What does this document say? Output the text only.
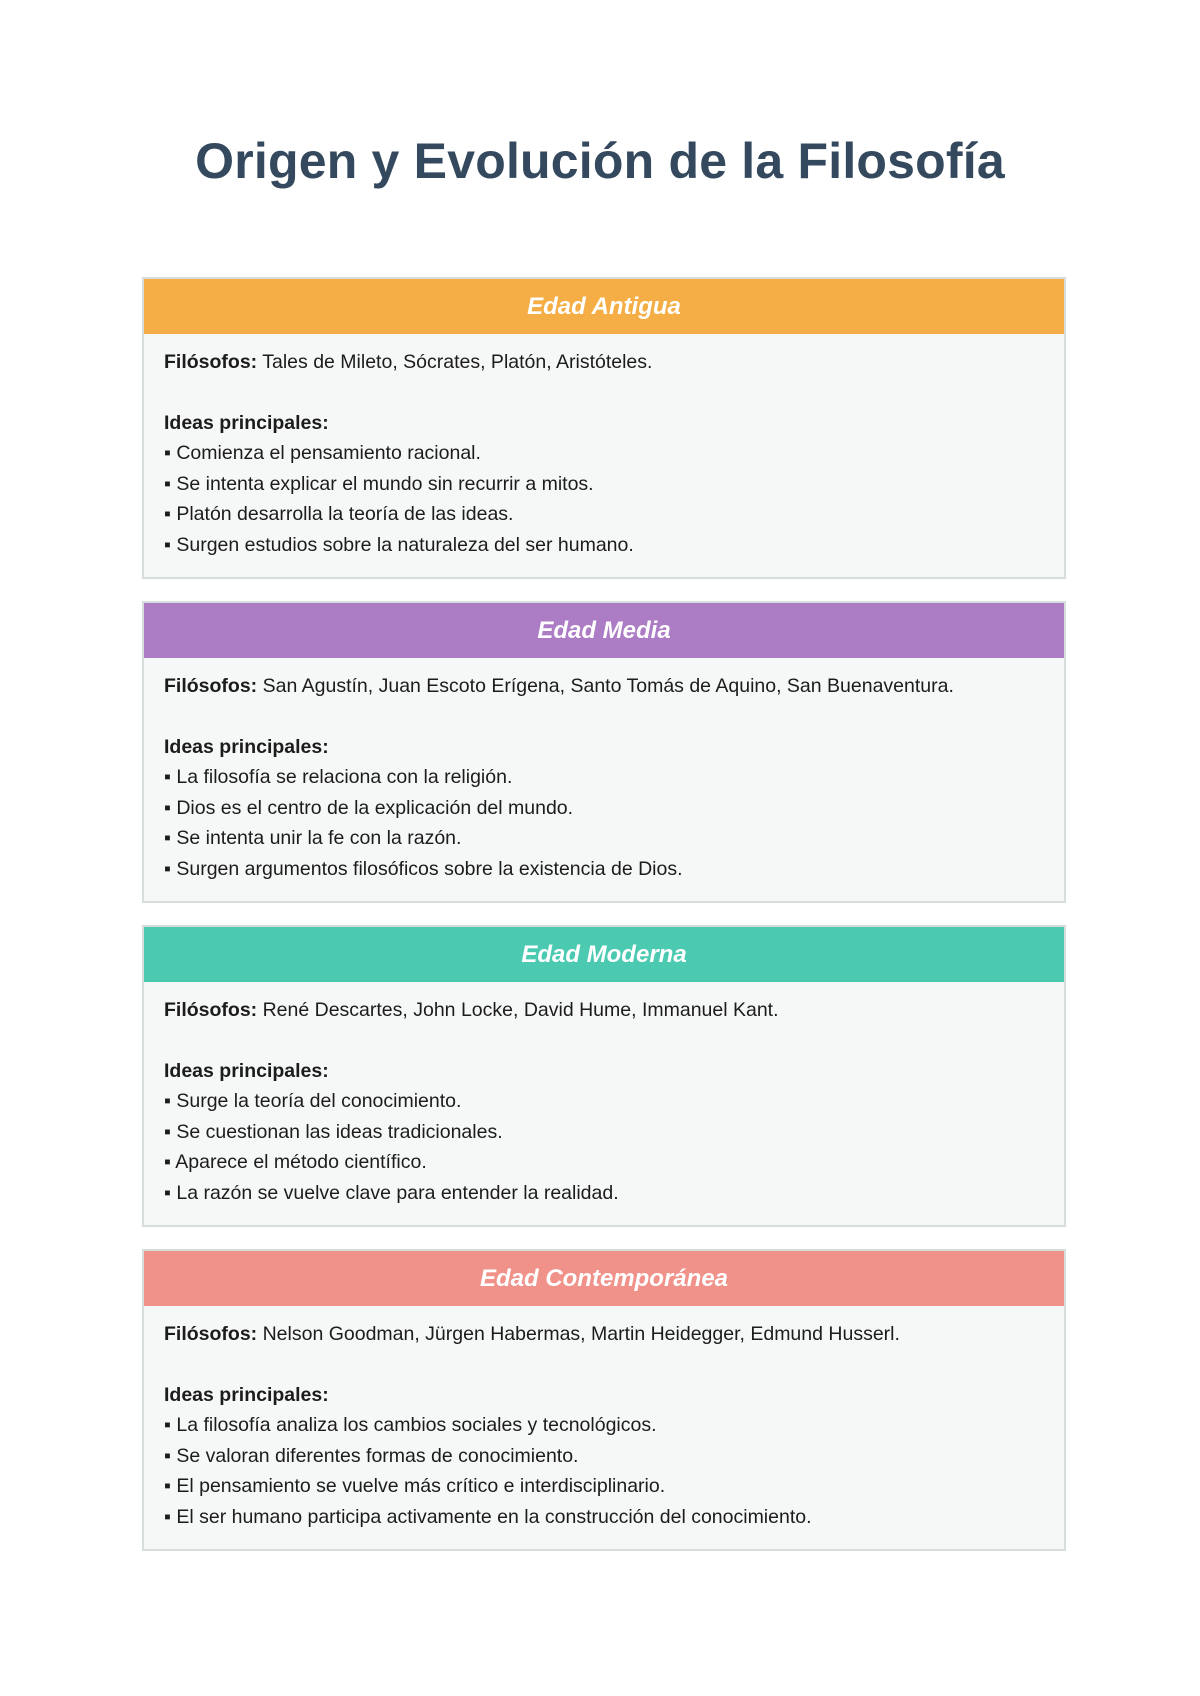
Origen y Evolución de la Filosofía
Edad Antigua

Filósofos: Tales de Mileto, Sócrates, Platón, Aristóteles.

Ideas principales:

▪ Comienza el pensamiento racional.
▪ Se intenta explicar el mundo sin recurrir a mitos.
▪ Platón desarrolla la teoría de las ideas.
▪ Surgen estudios sobre la naturaleza del ser humano.
Edad Media

Filósofos: San Agustín, Juan Escoto Erígena, Santo Tomás de Aquino, San Buenaventura.

Ideas principales:

▪ La filosofía se relaciona con la religión.
▪ Dios es el centro de la explicación del mundo.
▪ Se intenta unir la fe con la razón.
▪ Surgen argumentos filosóficos sobre la existencia de Dios.
Edad Moderna

Filósofos: René Descartes, John Locke, David Hume, Immanuel Kant.

Ideas principales:

▪ Surge la teoría del conocimiento.
▪ Se cuestionan las ideas tradicionales.
▪ Aparece el método científico.
▪ La razón se vuelve clave para entender la realidad.
Edad Contemporánea

Filósofos: Nelson Goodman, Jürgen Habermas, Martin Heidegger, Edmund Husserl.

Ideas principales:

▪ La filosofía analiza los cambios sociales y tecnológicos.
▪ Se valoran diferentes formas de conocimiento.
▪ El pensamiento se vuelve más crítico e interdisciplinario.
▪ El ser humano participa activamente en la construcción del conocimiento.
